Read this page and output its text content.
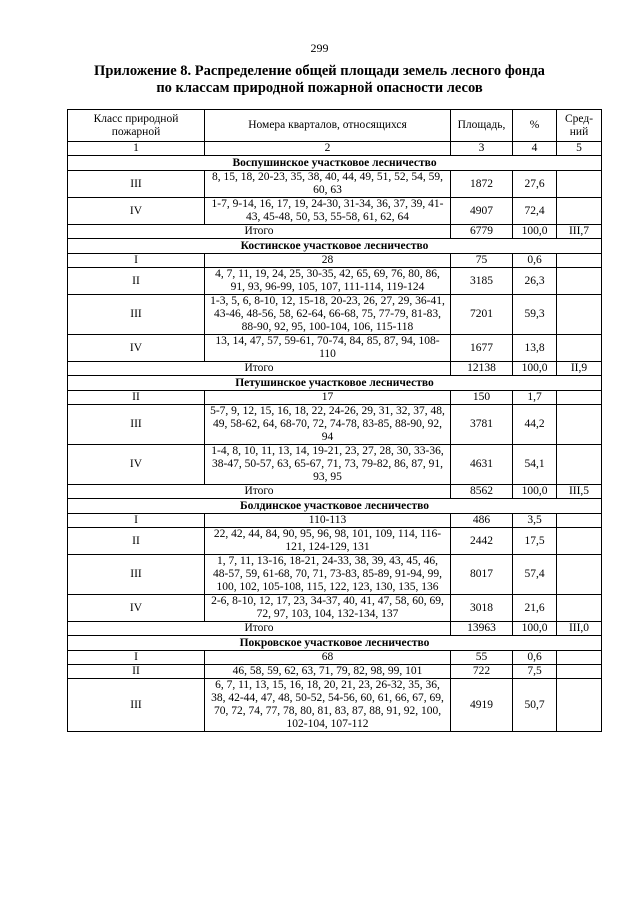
299
Приложение 8. Распределение общей площади земель лесного фонда
по классам природной пожарной опасности лесов
Класс природной пожарной	Номера кварталов, относящихся	Площадь,	%	Сред- ний
1	2	3	4	5
Воспушинское участковое лесничество				
III	8, 15, 18, 20-23, 35, 38, 40, 44, 49, 51, 52, 54, 59, 60, 63	1872	27,6	
IV	1-7, 9-14, 16, 17, 19, 24-30, 31-34, 36, 37, 39, 41-43, 45-48, 50, 53, 55-58, 61, 62, 64	4907	72,4	
Итого		6779	100,0	III,7
Костинское участковое лесничество				
I	28	75	0,6	
II	4, 7, 11, 19, 24, 25, 30-35, 42, 65, 69, 76, 80, 86, 91, 93, 96-99, 105, 107, 111-114, 119-124	3185	26,3	
III	1-3, 5, 6, 8-10, 12, 15-18, 20-23, 26, 27, 29, 36-41, 43-46, 48-56, 58, 62-64, 66-68, 75, 77-79, 81-83, 88-90, 92, 95, 100-104, 106, 115-118	7201	59,3	
IV	13, 14, 47, 57, 59-61, 70-74, 84, 85, 87, 94, 108-110	1677	13,8	
Итого		12138	100,0	II,9
Петушинское участковое лесничество				
II	17	150	1,7	
III	5-7, 9, 12, 15, 16, 18, 22, 24-26, 29, 31, 32, 37, 48, 49, 58-62, 64, 68-70, 72, 74-78, 83-85, 88-90, 92, 94	3781	44,2	
IV	1-4, 8, 10, 11, 13, 14, 19-21, 23, 27, 28, 30, 33-36, 38-47, 50-57, 63, 65-67, 71, 73, 79-82, 86, 87, 91, 93, 95	4631	54,1	
Итого		8562	100,0	III,5
Болдинское участковое лесничество				
I	110-113	486	3,5	
II	22, 42, 44, 84, 90, 95, 96, 98, 101, 109, 114, 116-121, 124-129, 131	2442	17,5	
III	1, 7, 11, 13-16, 18-21, 24-33, 38, 39, 43, 45, 46, 48-57, 59, 61-68, 70, 71, 73-83, 85-89, 91-94, 99, 100, 102, 105-108, 115, 122, 123, 130, 135, 136	8017	57,4	
IV	2-6, 8-10, 12, 17, 23, 34-37, 40, 41, 47, 58, 60, 69, 72, 97, 103, 104, 132-134, 137	3018	21,6	
Итого		13963	100,0	III,0
Покровское участковое лесничество				
I	68	55	0,6	
II	46, 58, 59, 62, 63, 71, 79, 82, 98, 99, 101	722	7,5	
III	6, 7, 11, 13, 15, 16, 18, 20, 21, 23, 26-32, 35, 36, 38, 42-44, 47, 48, 50-52, 54-56, 60, 61, 66, 67, 69, 70, 72, 74, 77, 78, 80, 81, 83, 87, 88, 91, 92, 100, 102-104, 107-112	4919	50,7	
